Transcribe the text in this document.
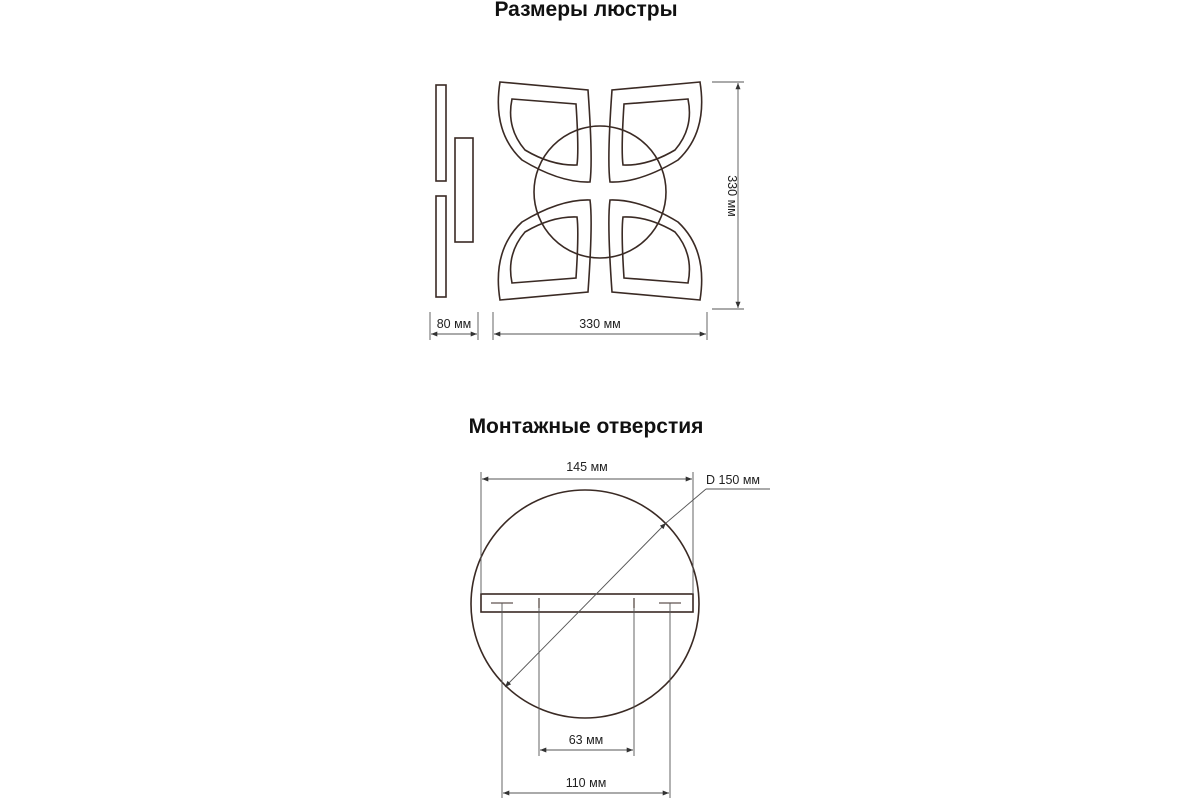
Размеры люстры
80 мм	330 мм
330 мм
Монтажные отверстия
145 мм
D 150 мм
63 мм
110 мм
